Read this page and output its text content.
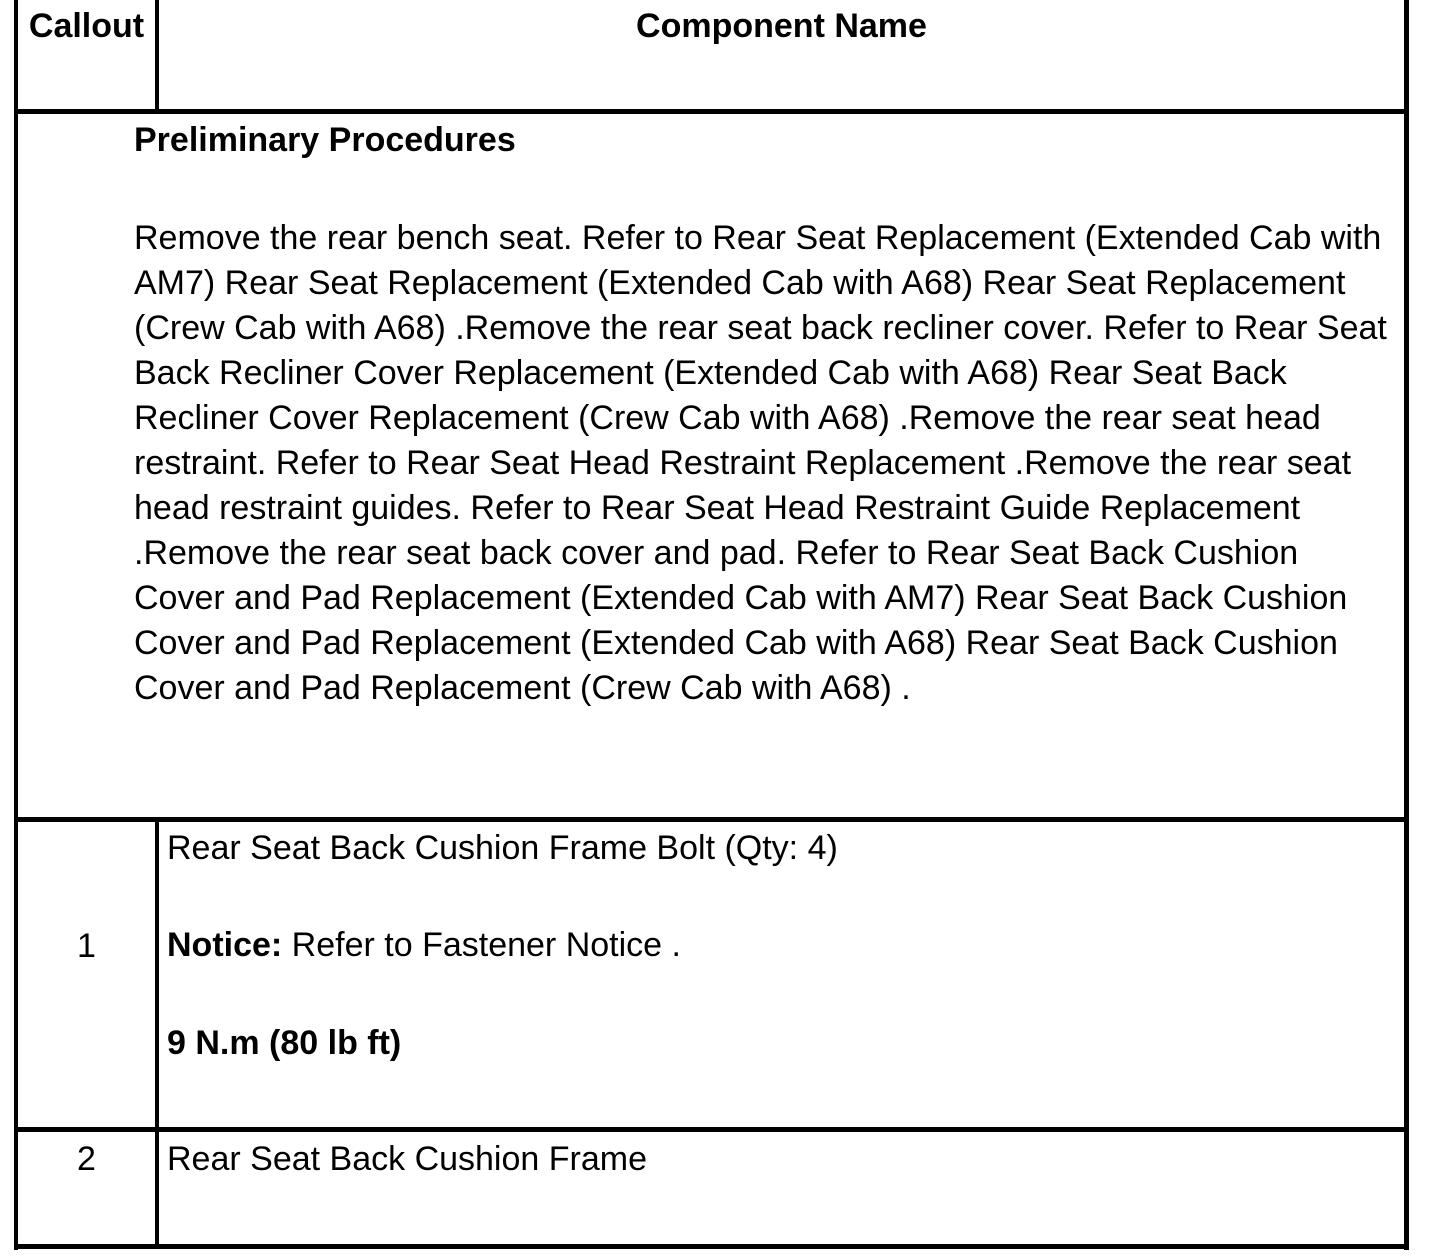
Callout	Component Name
Preliminary Procedures
Remove the rear bench seat. Refer to Rear Seat Replacement (Extended Cab with AM7) Rear Seat Replacement (Extended Cab with A68) Rear Seat Replacement (Crew Cab with A68) .Remove the rear seat back recliner cover. Refer to Rear Seat Back Recliner Cover Replacement (Extended Cab with A68) Rear Seat Back Recliner Cover Replacement (Crew Cab with A68) .Remove the rear seat head restraint. Refer to Rear Seat Head Restraint Replacement .Remove the rear seat head restraint guides. Refer to Rear Seat Head Restraint Guide Replacement .Remove the rear seat back cover and pad. Refer to Rear Seat Back Cushion Cover and Pad Replacement (Extended Cab with AM7) Rear Seat Back Cushion Cover and Pad Replacement (Extended Cab with A68) Rear Seat Back Cushion Cover and Pad Replacement (Crew Cab with A68) .
1
Rear Seat Back Cushion Frame Bolt (Qty: 4)
Notice: Refer to Fastener Notice .
9 N.m (80 lb ft)
2	Rear Seat Back Cushion Frame
